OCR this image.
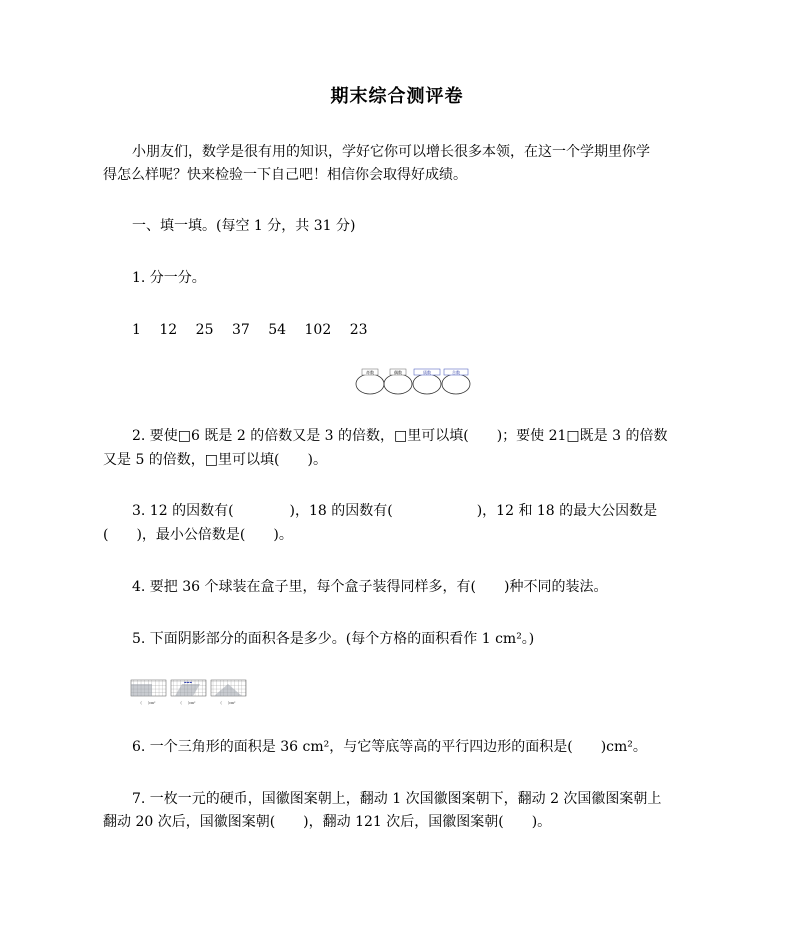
期末综合测评卷
小朋友们，数学是很有用的知识，学好它你可以增长很多本领，在这一个学期里你学
得怎么样呢？快来检验一下自己吧！相信你会取得好成绩。
一、填一填。(每空 1 分，共 31 分)
1. 分一分。
1 12 25 37 54 102 23
奇数	偶数	质数	合数
2. 要使□6 既是 2 的倍数又是 3 的倍数，□里可以填(　　)；要使 21□既是 3 的倍数
又是 5 的倍数，□里可以填(　　)。
3. 12 的因数有(　　　　)，18 的因数有(　　　　　　)，12 和 18 的最大公因数是
(　　)，最小公倍数是(　　)。
4. 要把 36 个球装在盒子里，每个盒子装得同样多，有(　　)种不同的装法。
5. 下面阴影部分的面积各是多少。(每个方格的面积看作 1 cm²。)
▬▬▬
(　　)cm²	(　　)cm²	(　　)cm²
6. 一个三角形的面积是 36 cm²，与它等底等高的平行四边形的面积是(　　)cm²。
7. 一枚一元的硬币，国徽图案朝上，翻动 1 次国徽图案朝下，翻动 2 次国徽图案朝上
翻动 20 次后，国徽图案朝(　　)，翻动 121 次后，国徽图案朝(　　)。
